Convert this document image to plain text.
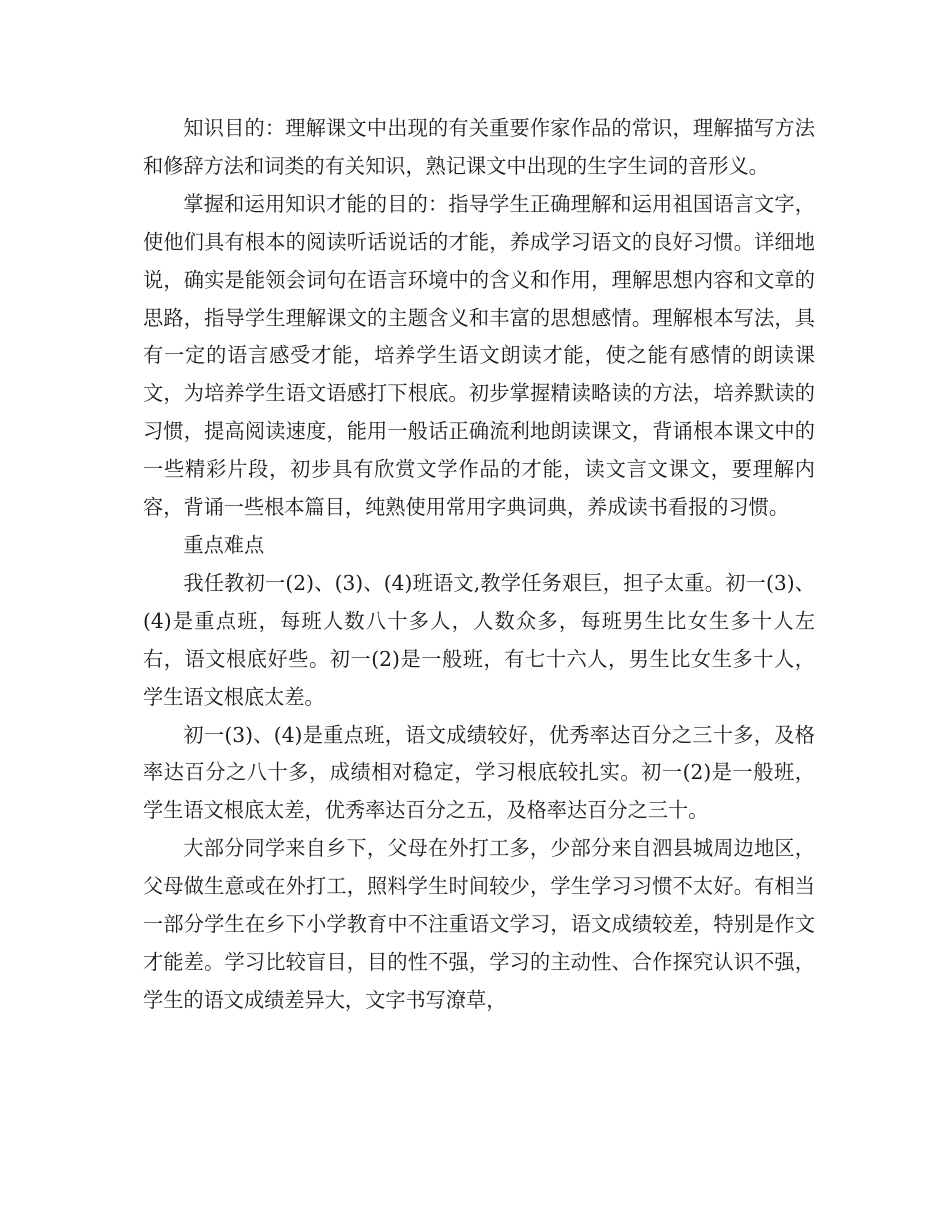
知识目的：理解课文中出现的有关重要作家作品的常识，理解描写方法和修辞方法和词类的有关知识，熟记课文中出现的生字生词的音形义。

掌握和运用知识才能的目的：指导学生正确理解和运用祖国语言文字，使他们具有根本的阅读听话说话的才能，养成学习语文的良好习惯。详细地说，确实是能领会词句在语言环境中的含义和作用，理解思想内容和文章的思路，指导学生理解课文的主题含义和丰富的思想感情。理解根本写法，具有一定的语言感受才能，培养学生语文朗读才能，使之能有感情的朗读课文，为培养学生语文语感打下根底。初步掌握精读略读的方法，培养默读的习惯，提高阅读速度，能用一般话正确流利地朗读课文，背诵根本课文中的一些精彩片段，初步具有欣赏文学作品的才能，读文言文课文，要理解内容，背诵一些根本篇目，纯熟使用常用字典词典，养成读书看报的习惯。

重点难点

我任教初一(2)、(3)、(4)班语文,教学任务艰巨，担子太重。初一(3)、(4)是重点班，每班人数八十多人，人数众多，每班男生比女生多十人左右，语文根底好些。初一(2)是一般班，有七十六人，男生比女生多十人，学生语文根底太差。

初一(3)、(4)是重点班，语文成绩较好，优秀率达百分之三十多，及格率达百分之八十多，成绩相对稳定，学习根底较扎实。初一(2)是一般班，学生语文根底太差，优秀率达百分之五，及格率达百分之三十。

大部分同学来自乡下，父母在外打工多，少部分来自泗县城周边地区，父母做生意或在外打工，照料学生时间较少，学生学习习惯不太好。有相当一部分学生在乡下小学教育中不注重语文学习，语文成绩较差，特别是作文才能差。学习比较盲目，目的性不强，学习的主动性、合作探究认识不强，学生的语文成绩差异大，文字书写潦草，
